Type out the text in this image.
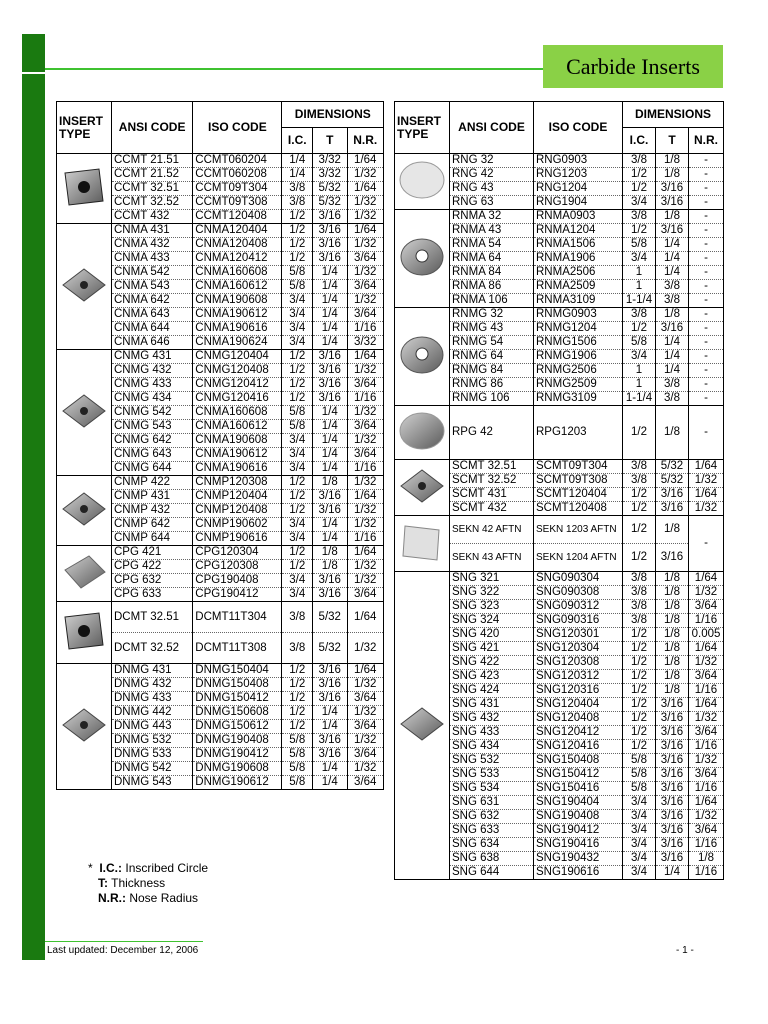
Carbide Inserts
INSERT TYPE	ANSI CODE	ISO CODE	DIMENSIONS		
			I.C.	T	N.R.
	CCMT 21.51	CCMT060204	1/4	3/32	1/64
	CCMT 21.52	CCMT060208	1/4	3/32	1/32
	CCMT 32.51	CCMT09T304	3/8	5/32	1/64
	CCMT 32.52	CCMT09T308	3/8	5/32	1/32
	CCMT 432	CCMT120408	1/2	3/16	1/32
	CNMA 431	CNMA120404	1/2	3/16	1/64
	CNMA 432	CNMA120408	1/2	3/16	1/32
	CNMA 433	CNMA120412	1/2	3/16	3/64
	CNMA 542	CNMA160608	5/8	1/4	1/32
	CNMA 543	CNMA160612	5/8	1/4	3/64
	CNMA 642	CNMA190608	3/4	1/4	1/32
	CNMA 643	CNMA190612	3/4	1/4	3/64
	CNMA 644	CNMA190616	3/4	1/4	1/16
	CNMA 646	CNMA190624	3/4	1/4	3/32
	CNMG 431	CNMG120404	1/2	3/16	1/64
	CNMG 432	CNMG120408	1/2	3/16	1/32
	CNMG 433	CNMG120412	1/2	3/16	3/64
	CNMG 434	CNMG120416	1/2	3/16	1/16
	CNMG 542	CNMA160608	5/8	1/4	1/32
	CNMG 543	CNMA160612	5/8	1/4	3/64
	CNMG 642	CNMA190608	3/4	1/4	1/32
	CNMG 643	CNMA190612	3/4	1/4	3/64
	CNMG 644	CNMA190616	3/4	1/4	1/16
	CNMP 422	CNMP120308	1/2	1/8	1/32
	CNMP 431	CNMP120404	1/2	3/16	1/64
	CNMP 432	CNMP120408	1/2	3/16	1/32
	CNMP 642	CNMP190602	3/4	1/4	1/32
	CNMP 644	CNMP190616	3/4	1/4	1/16
	CPG 421	CPG120304	1/2	1/8	1/64
	CPG 422	CPG120308	1/2	1/8	1/32
	CPG 632	CPG190408	3/4	3/16	1/32
	CPG 633	CPG190412	3/4	3/16	3/64
	DCMT 32.51	DCMT11T304	3/8	5/32	1/64
	DCMT 32.52	DCMT11T308	3/8	5/32	1/32
	DNMG 431	DNMG150404	1/2	3/16	1/64
	DNMG 432	DNMG150408	1/2	3/16	1/32
	DNMG 433	DNMG150412	1/2	3/16	3/64
	DNMG 442	DNMG150608	1/2	1/4	1/32
	DNMG 443	DNMG150612	1/2	1/4	3/64
	DNMG 532	DNMG190408	5/8	3/16	1/32
	DNMG 533	DNMG190412	5/8	3/16	3/64
	DNMG 542	DNMG190608	5/8	1/4	1/32
	DNMG 543	DNMG190612	5/8	1/4	3/64
INSERT TYPE	ANSI CODE	ISO CODE	DIMENSIONS		
			I.C.	T	N.R.
	RNG 32	RNG0903	3/8	1/8	-
	RNG 42	RNG1203	1/2	1/8	-
	RNG 43	RNG1204	1/2	3/16	-
	RNG 63	RNG1904	3/4	3/16	-
	RNMA 32	RNMA0903	3/8	1/8	-
	RNMA 43	RNMA1204	1/2	3/16	-
	RNMA 54	RNMA1506	5/8	1/4	-
	RNMA 64	RNMA1906	3/4	1/4	-
	RNMA 84	RNMA2506	1	1/4	-
	RNMA 86	RNMA2509	1	3/8	-
	RNMA 106	RNMA3109	1-1/4	3/8	-
	RNMG 32	RNMG0903	3/8	1/8	-
	RNMG 43	RNMG1204	1/2	3/16	-
	RNMG 54	RNMG1506	5/8	1/4	-
	RNMG 64	RNMG1906	3/4	1/4	-
	RNMG 84	RNMG2506	1	1/4	-
	RNMG 86	RNMG2509	1	3/8	-
	RNMG 106	RNMG3109	1-1/4	3/8	-
	RPG 42	RPG1203	1/2	1/8	-
	SCMT 32.51	SCMT09T304	3/8	5/32	1/64
	SCMT 32.52	SCMT09T308	3/8	5/32	1/32
	SCMT 431	SCMT120404	1/2	3/16	1/64
	SCMT 432	SCMT120408	1/2	3/16	1/32
	SEKN 42 AFTN	SEKN 1203 AFTN	1/2	1/8	-
	SEKN 43 AFTN	SEKN 1204 AFTN	1/2	3/16	
	SNG 321	SNG090304	3/8	1/8	1/64
	SNG 322	SNG090308	3/8	1/8	1/32
	SNG 323	SNG090312	3/8	1/8	3/64
	SNG 324	SNG090316	3/8	1/8	1/16
	SNG 420	SNG120301	1/2	1/8	0.005
	SNG 421	SNG120304	1/2	1/8	1/64
	SNG 422	SNG120308	1/2	1/8	1/32
	SNG 423	SNG120312	1/2	1/8	3/64
	SNG 424	SNG120316	1/2	1/8	1/16
	SNG 431	SNG120404	1/2	3/16	1/64
	SNG 432	SNG120408	1/2	3/16	1/32
	SNG 433	SNG120412	1/2	3/16	3/64
	SNG 434	SNG120416	1/2	3/16	1/16
	SNG 532	SNG150408	5/8	3/16	1/32
	SNG 533	SNG150412	5/8	3/16	3/64
	SNG 534	SNG150416	5/8	3/16	1/16
	SNG 631	SNG190404	3/4	3/16	1/64
	SNG 632	SNG190408	3/4	3/16	1/32
	SNG 633	SNG190412	3/4	3/16	3/64
	SNG 634	SNG190416	3/4	3/16	1/16
	SNG 638	SNG190432	3/4	3/16	1/8
	SNG 644	SNG190616	3/4	1/4	1/16
* I.C.: Inscribed Circle
T: Thickness
N.R.: Nose Radius
Last updated: December 12, 2006	- 1 -
